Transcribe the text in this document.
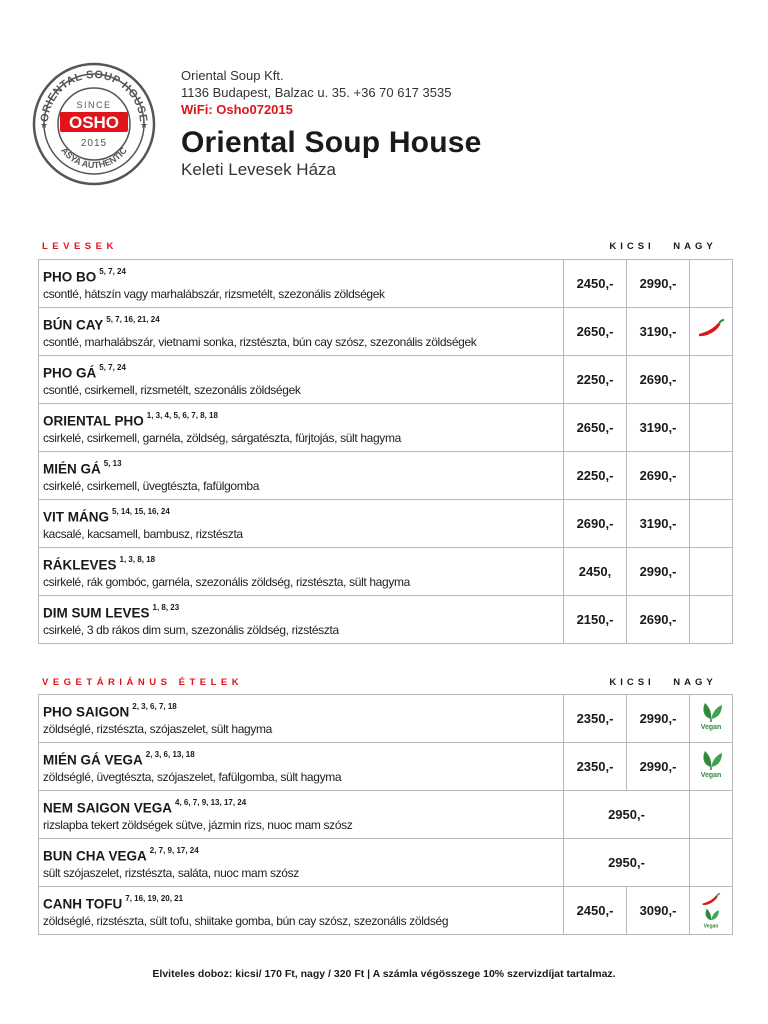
ORIENTAL SOUP HOUSE
ASYA AUTHENTIC
★	★
SINCE
OSHO
2015
Oriental Soup Kft.
1136 Budapest, Balzac u. 35. +36 70 617 3535
WiFi: Osho072015
Oriental Soup House
Keleti Levesek Háza
LEVESEK	KICSI	NAGY
PHO BO $^{5, 7, 24}$
csontlé, hátszín vagy marhalábszár, rizsmetélt, szezonális zöldségek	2450,-	2990,-	

BÚN CAY $^{5, 7, 16, 21, 24}$
csontlé, marhalábszár, vietnami sonka, rizstészta, bún cay szósz, szezonális zöldségek	2650,-	3190,-	

PHO GÁ $^{5, 7, 24}$
csontlé, csirkemell, rizsmetélt, szezonális zöldségek	2250,-	2690,-	

ORIENTAL PHO $^{1, 3, 4, 5, 6, 7, 8, 18}$
csirkelé, csirkemell, garnéla, zöldség, sárgatészta, fürjtojás, sült hagyma	2650,-	3190,-	

MIÉN GÁ $^{5, 13}$
csirkelé, csirkemell, üvegtészta, fafülgomba	2250,-	2690,-	

VIT MÁNG $^{5, 14, 15, 16, 24}$
kacsalé, kacsamell, bambusz, rizstészta	2690,-	3190,-	

RÁKLEVES $^{1, 3, 8, 18}$
csirkelé, rák gombóc, garnéla, szezonális zöldség, rizstészta, sült hagyma	2450,	2990,-	

DIM SUM LEVES $^{1, 8, 23}$
csirkelé, 3 db rákos dim sum, szezonális zöldség, rizstészta	2150,-	2690,-	
VEGETÁRIÁNUS ÉTELEK	KICSI	NAGY
PHO SAIGON $^{2, 3, 6, 7, 18}$
zöldséglé, rizstészta, szójaszelet, sült hagyma	2350,-	2990,-	Vegan

MIÉN GÁ VEGA $^{2, 3, 6, 13, 18}$
zöldséglé, üvegtészta, szójaszelet, fafülgomba, sült hagyma	2350,-	2990,-	Vegan

NEM SAIGON VEGA $^{4, 6, 7, 9, 13, 17, 24}$
rizslapba tekert zöldségek sütve, jázmin rizs, nuoc mam szósz	2950,-		

BUN CHA VEGA $^{2, 7, 9, 17, 24}$
sült szójaszelet, rizstészta, saláta, nuoc mam szósz	2950,-		

CANH TOFU $^{7, 16, 19, 20, 21}$
zöldséglé, rizstészta, sült tofu, shiitake gomba, bún cay szósz, szezonális zöldség	2450,-	3090,-	Vegan
Elviteles doboz: kicsi/ 170 Ft, nagy / 320 Ft | A számla végösszege 10% szervizdíjat tartalmaz.
